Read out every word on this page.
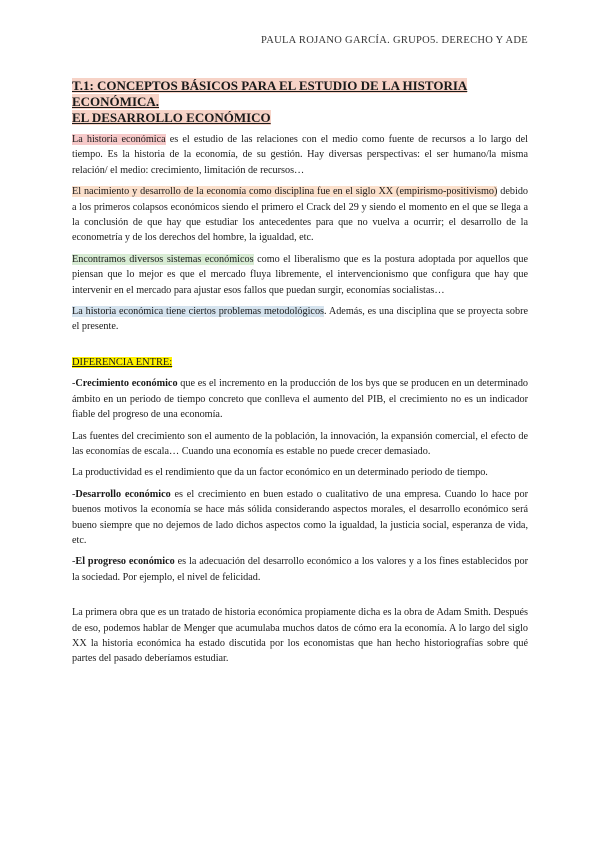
PAULA ROJANO GARCÍA. GRUPO5. DERECHO Y ADE
T.1: CONCEPTOS BÁSICOS PARA EL ESTUDIO DE LA HISTORIA ECONÓMICA.
EL DESARROLLO ECONÓMICO

La historia económica es el estudio de las relaciones con el medio como fuente de recursos a lo largo del tiempo. Es la historia de la economía, de su gestión. Hay diversas perspectivas: el ser humano/la misma relación/ el medio: crecimiento, limitación de recursos…

El nacimiento y desarrollo de la economía como disciplina fue en el siglo XX (empirismo-positivismo) debido a los primeros colapsos económicos siendo el primero el Crack del 29 y siendo el momento en el que se llega a la conclusión de que hay que estudiar los antecedentes para que no vuelva a ocurrir; el desarrollo de la econometría y de los derechos del hombre, la igualdad, etc.

Encontramos diversos sistemas económicos como el liberalismo que es la postura adoptada por aquellos que piensan que lo mejor es que el mercado fluya libremente, el intervencionismo que configura que hay que intervenir en el mercado para ajustar esos fallos que puedan surgir, economías socialistas…

La historia económica tiene ciertos problemas metodológicos. Además, es una disciplina que se proyecta sobre el presente.

DIFERENCIA ENTRE:

-Crecimiento económico que es el incremento en la producción de los bys que se producen en un determinado ámbito en un periodo de tiempo concreto que conlleva el aumento del PIB, el crecimiento no es un indicador fiable del progreso de una economía.

Las fuentes del crecimiento son el aumento de la población, la innovación, la expansión comercial, el efecto de las economías de escala… Cuando una economía es estable no puede crecer demasiado.

La productividad es el rendimiento que da un factor económico en un determinado periodo de tiempo.

-Desarrollo económico es el crecimiento en buen estado o cualitativo de una empresa. Cuando lo hace por buenos motivos la economía se hace más sólida considerando aspectos morales, el desarrollo económico será bueno siempre que no dejemos de lado dichos aspectos como la igualdad, la justicia social, esperanza de vida, etc.

-El progreso económico es la adecuación del desarrollo económico a los valores y a los fines establecidos por la sociedad. Por ejemplo, el nivel de felicidad.

La primera obra que es un tratado de historia económica propiamente dicha es la obra de Adam Smith. Después de eso, podemos hablar de Menger que acumulaba muchos datos de cómo era la economía. A lo largo del siglo XX la historia económica ha estado discutida por los economistas que han hecho historiografías sobre qué partes del pasado deberíamos estudiar.
